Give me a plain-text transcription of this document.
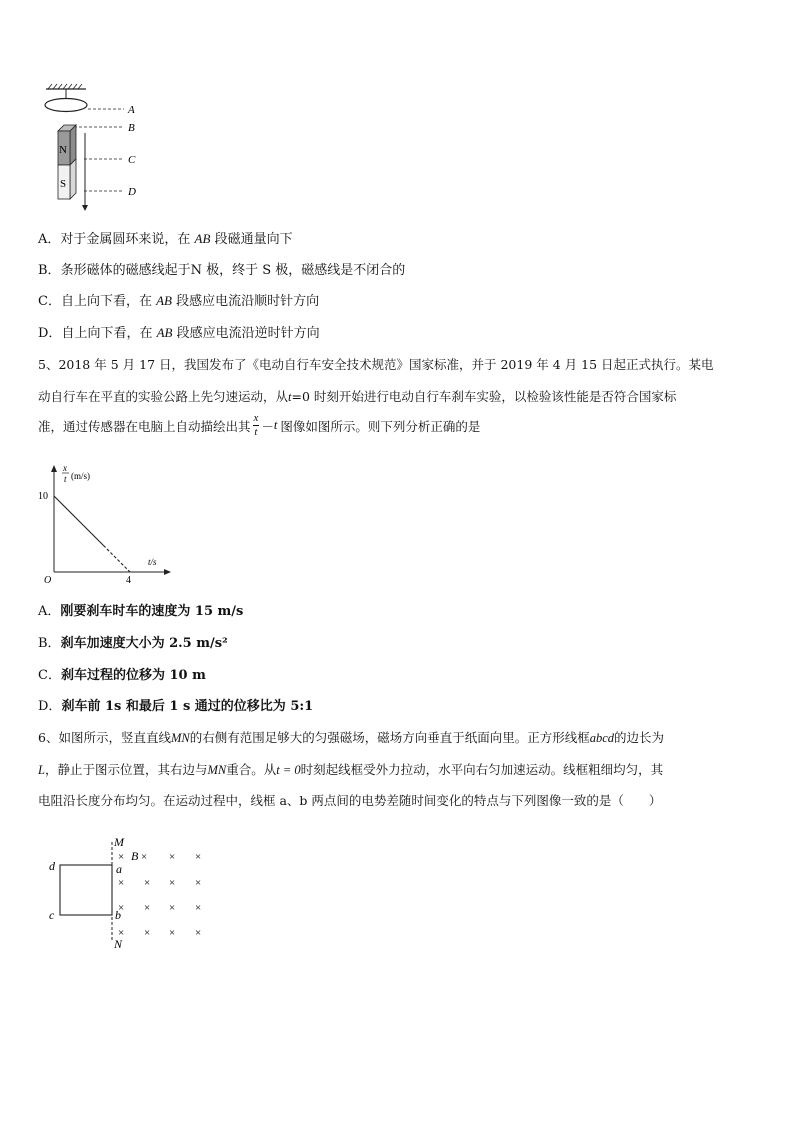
N
S
A
B
C
D
A．对于金属圆环来说，在 AB 段磁通量向下
B．条形磁体的磁感线起于N 极，终于 S 极，磁感线是不闭合的
C．自上向下看，在 AB 段感应电流沿顺时针方向
D．自上向下看，在 AB 段感应电流沿逆时针方向
5、2018 年 5 月 17 日，我国发布了《电动自行车安全技术规范》国家标准，并于 2019 年 4 月 15 日起正式执行。某电
动自行车在平直的实验公路上先匀速运动，从t=0 时刻开始进行电动自行车刹车实验，以检验该性能是否符合国家标
准，通过传感器在电脑上自动描绘出其 $\frac{x}{t} - t$ 图像如图所示。则下列分析正确的是
x
t (m/s)
t/s
O
10
4
A．刚要刹车时车的速度为 15 m/s
B．刹车加速度大小为 2.5 m/s²
C．刹车过程的位移为 10 m
D．刹车前 1s 和最后 1 s 通过的位移比为 5:1
6、如图所示，竖直直线MN的右侧有范围足够大的匀强磁场，磁场方向垂直于纸面向里。正方形线框abcd的边长为
L，静止于图示位置，其右边与MN重合。从t = 0时刻起线框受外力拉动，水平向右匀加速运动。线框粗细均匀，其
电阻沿长度分布均匀。在运动过程中，线框 a、b 两点间的电势差随时间变化的特点与下列图像一致的是（　　）
M
N
B
a
b
c
d
×	× ×
× × × ×
× × × ×
× × × ×
×
